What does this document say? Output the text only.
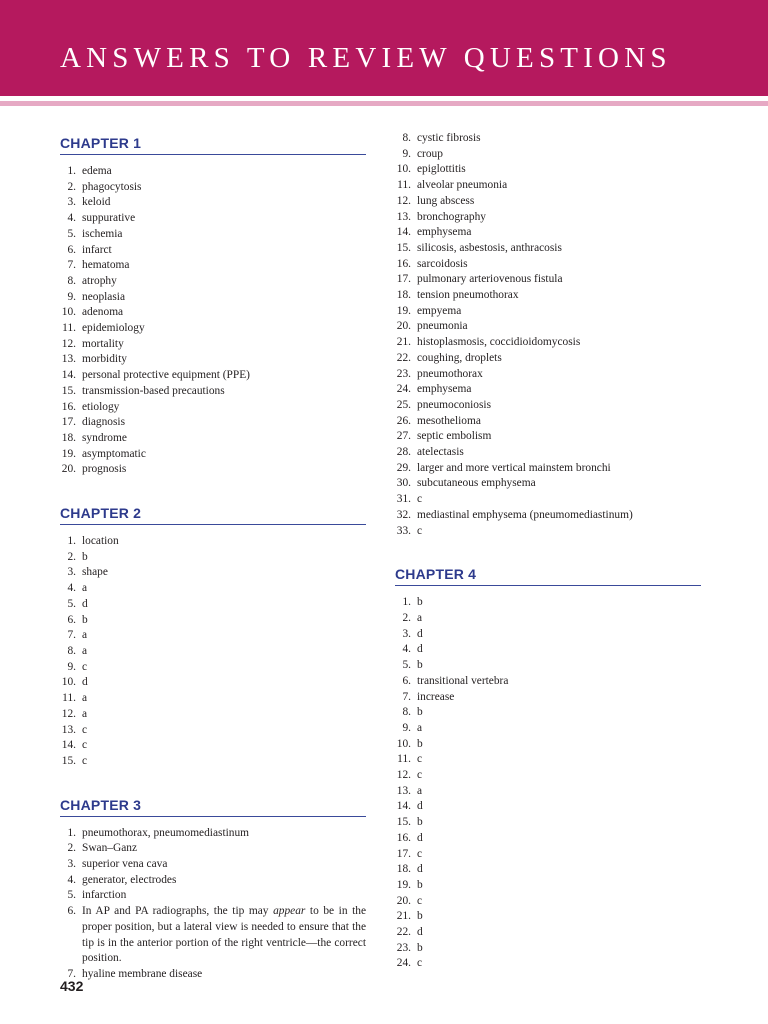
ANSWERS TO REVIEW QUESTIONS
CHAPTER 1
1. edema
2. phagocytosis
3. keloid
4. suppurative
5. ischemia
6. infarct
7. hematoma
8. atrophy
9. neoplasia
10. adenoma
11. epidemiology
12. mortality
13. morbidity
14. personal protective equipment (PPE)
15. transmission-based precautions
16. etiology
17. diagnosis
18. syndrome
19. asymptomatic
20. prognosis
CHAPTER 2
1. location
2. b
3. shape
4. a
5. d
6. b
7. a
8. a
9. c
10. d
11. a
12. a
13. c
14. c
15. c
CHAPTER 3
1. pneumothorax, pneumomediastinum
2. Swan–Ganz
3. superior vena cava
4. generator, electrodes
5. infarction
6. In AP and PA radiographs, the tip may appear to be in the proper position, but a lateral view is needed to ensure that the tip is in the anterior portion of the right ventricle—the correct position.
7. hyaline membrane disease
8. cystic fibrosis
9. croup
10. epiglottitis
11. alveolar pneumonia
12. lung abscess
13. bronchography
14. emphysema
15. silicosis, asbestosis, anthracosis
16. sarcoidosis
17. pulmonary arteriovenous fistula
18. tension pneumothorax
19. empyema
20. pneumonia
21. histoplasmosis, coccidioidomycosis
22. coughing, droplets
23. pneumothorax
24. emphysema
25. pneumoconiosis
26. mesothelioma
27. septic embolism
28. atelectasis
29. larger and more vertical mainstem bronchi
30. subcutaneous emphysema
31. c
32. mediastinal emphysema (pneumomediastinum)
33. c
CHAPTER 4
1. b
2. a
3. d
4. d
5. b
6. transitional vertebra
7. increase
8. b
9. a
10. b
11. c
12. c
13. a
14. d
15. b
16. d
17. c
18. d
19. b
20. c
21. b
22. d
23. b
24. c
432
